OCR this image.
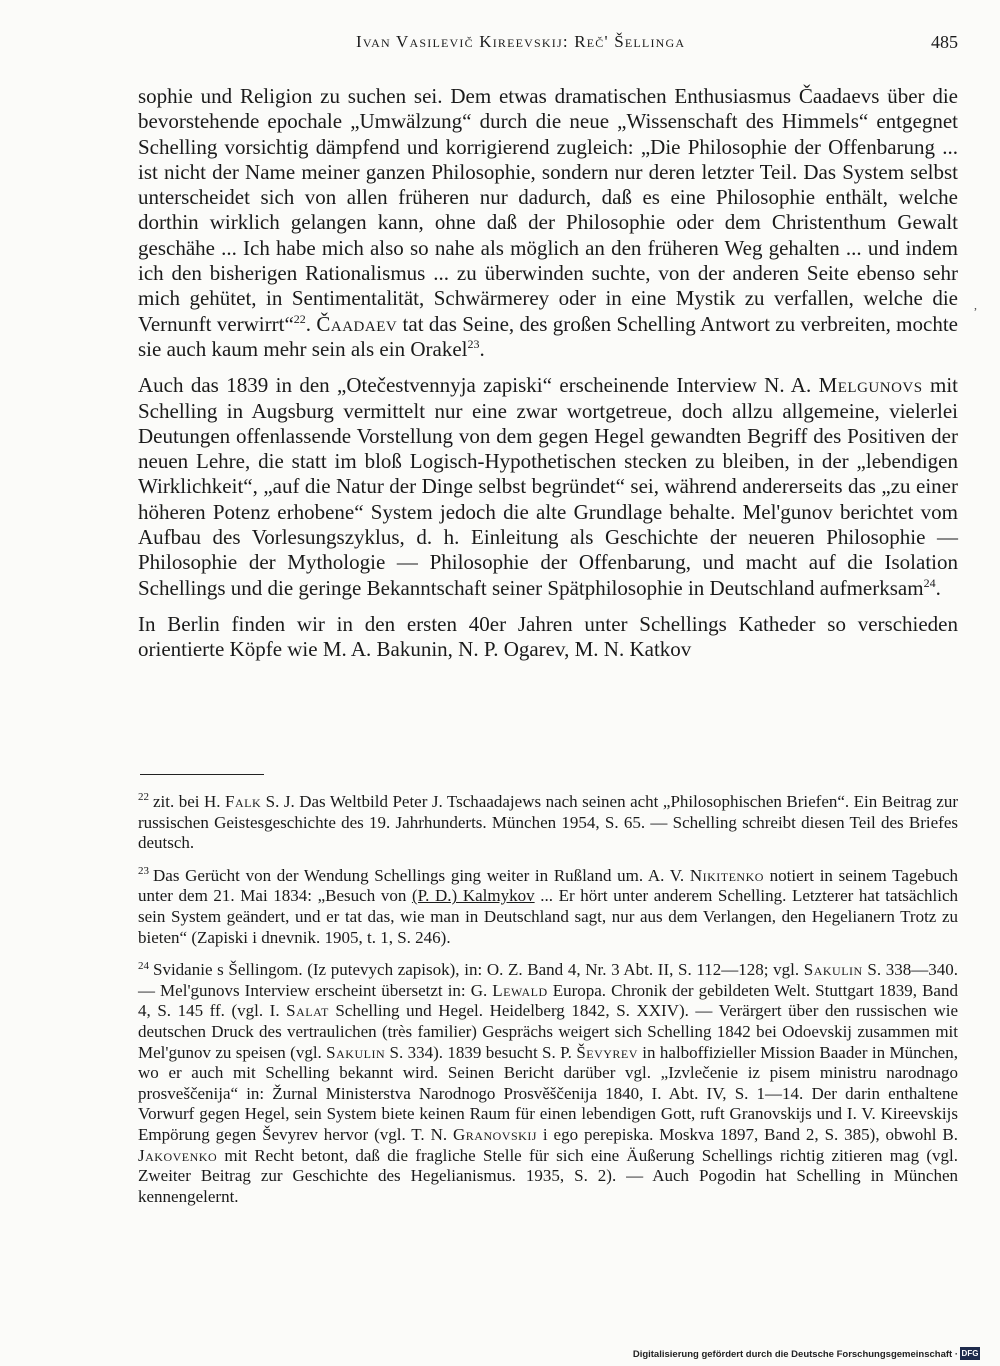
Ivan Vasilevič Kireevskij: Reč' Šellinga	485

sophie und Religion zu suchen sei. Dem etwas dramatischen Enthusiasmus Čaadaevs über die bevorstehende epochale „Umwälzung“ durch die neue „Wissenschaft des Himmels“ entgegnet Schelling vorsichtig dämpfend und korrigierend zugleich: „Die Philosophie der Offenbarung ... ist nicht der Name meiner ganzen Philosophie, sondern nur deren letzter Teil. Das System selbst unterscheidet sich von allen früheren nur dadurch, daß es eine Philosophie enthält, welche dorthin wirklich gelangen kann, ohne daß der Philosophie oder dem Christenthum Gewalt geschähe ... Ich habe mich also so nahe als möglich an den früheren Weg gehalten ... und indem ich den bisherigen Rationalismus ... zu überwinden suchte, von der anderen Seite ebenso sehr mich gehütet, in Sentimentalität, Schwärmerey oder in eine Mystik zu verfallen, welche die Vernunft verwirrt“$^{22}$. Čaadaev tat das Seine, des großen Schelling Antwort zu verbreiten, mochte sie auch kaum mehr sein als ein Orakel$^{23}$.

Auch das 1839 in den „Otečestvennyja zapiski“ erscheinende Interview N. A. Melgunovs mit Schelling in Augsburg vermittelt nur eine zwar wortgetreue, doch allzu allgemeine, vielerlei Deutungen offenlassende Vorstellung von dem gegen Hegel gewandten Begriff des Positiven der neuen Lehre, die statt im bloß Logisch-Hypothetischen stecken zu bleiben, in der „lebendigen Wirklichkeit“, „auf die Natur der Dinge selbst begründet“ sei, während andererseits das „zu einer höheren Potenz erhobene“ System jedoch die alte Grundlage behalte. Mel'gunov berichtet vom Aufbau des Vorlesungszyklus, d. h. Einleitung als Geschichte der neueren Philosophie — Philosophie der Mythologie — Philosophie der Offenbarung, und macht auf die Isolation Schellings und die geringe Bekanntschaft seiner Spätphilosophie in Deutschland aufmerksam$^{24}$.

In Berlin finden wir in den ersten 40er Jahren unter Schellings Katheder so verschieden orientierte Köpfe wie M. A. Bakunin, N. P. Ogarev, M. N. Katkov

,

$^{22}$ zit. bei H. Falk S. J. Das Weltbild Peter J. Tschaadajews nach seinen acht „Philosophischen Briefen“. Ein Beitrag zur russischen Geistesgeschichte des 19. Jahrhunderts. München 1954, S. 65. — Schelling schreibt diesen Teil des Briefes deutsch.

$^{23}$ Das Gerücht von der Wendung Schellings ging weiter in Rußland um. A. V. Nikitenko notiert in seinem Tagebuch unter dem 21. Mai 1834: „Besuch von (P. D.) Kalmykov ... Er hört unter anderem Schelling. Letzterer hat tatsächlich sein System geändert, und er tat das, wie man in Deutschland sagt, nur aus dem Verlangen, den Hegelianern Trotz zu bieten“ (Zapiski i dnevnik. 1905, t. 1, S. 246).

$^{24}$ Svidanie s Šellingom. (Iz putevych zapisok), in: O. Z. Band 4, Nr. 3 Abt. II, S. 112—128; vgl. Sakulin S. 338—340. — Mel'gunovs Interview erscheint übersetzt in: G. Lewald Europa. Chronik der gebildeten Welt. Stuttgart 1839, Band 4, S. 145 ff. (vgl. I. Salat Schelling und Hegel. Heidelberg 1842, S. XXIV). — Verärgert über den russischen wie deutschen Druck des vertraulichen (très familier) Gesprächs weigert sich Schelling 1842 bei Odoevskij zusammen mit Mel'gunov zu speisen (vgl. Sakulin S. 334). 1839 besucht S. P. Ševyrev in halboffizieller Mission Baader in München, wo er auch mit Schelling bekannt wird. Seinen Bericht darüber vgl. „Izvlečenie iz pisem ministru narodnago prosveščenija“ in: Žurnal Ministerstva Narodnogo Prosvěščenija 1840, I. Abt. IV, S. 1—14. Der darin enthaltene Vorwurf gegen Hegel, sein System biete keinen Raum für einen lebendigen Gott, ruft Granovskijs und I. V. Kireevskijs Empörung gegen Ševyrev hervor (vgl. T. N. Granovskij i ego perepiska. Moskva 1897, Band 2, S. 385), obwohl B. Jakovenko mit Recht betont, daß die fragliche Stelle für sich eine Äußerung Schellings richtig zitieren mag (vgl. Zweiter Beitrag zur Geschichte des Hegelianismus. 1935, S. 2). — Auch Pogodin hat Schelling in München kennengelernt.

Digitalisierung gefördert durch die Deutsche Forschungsgemeinschaft · DFG
